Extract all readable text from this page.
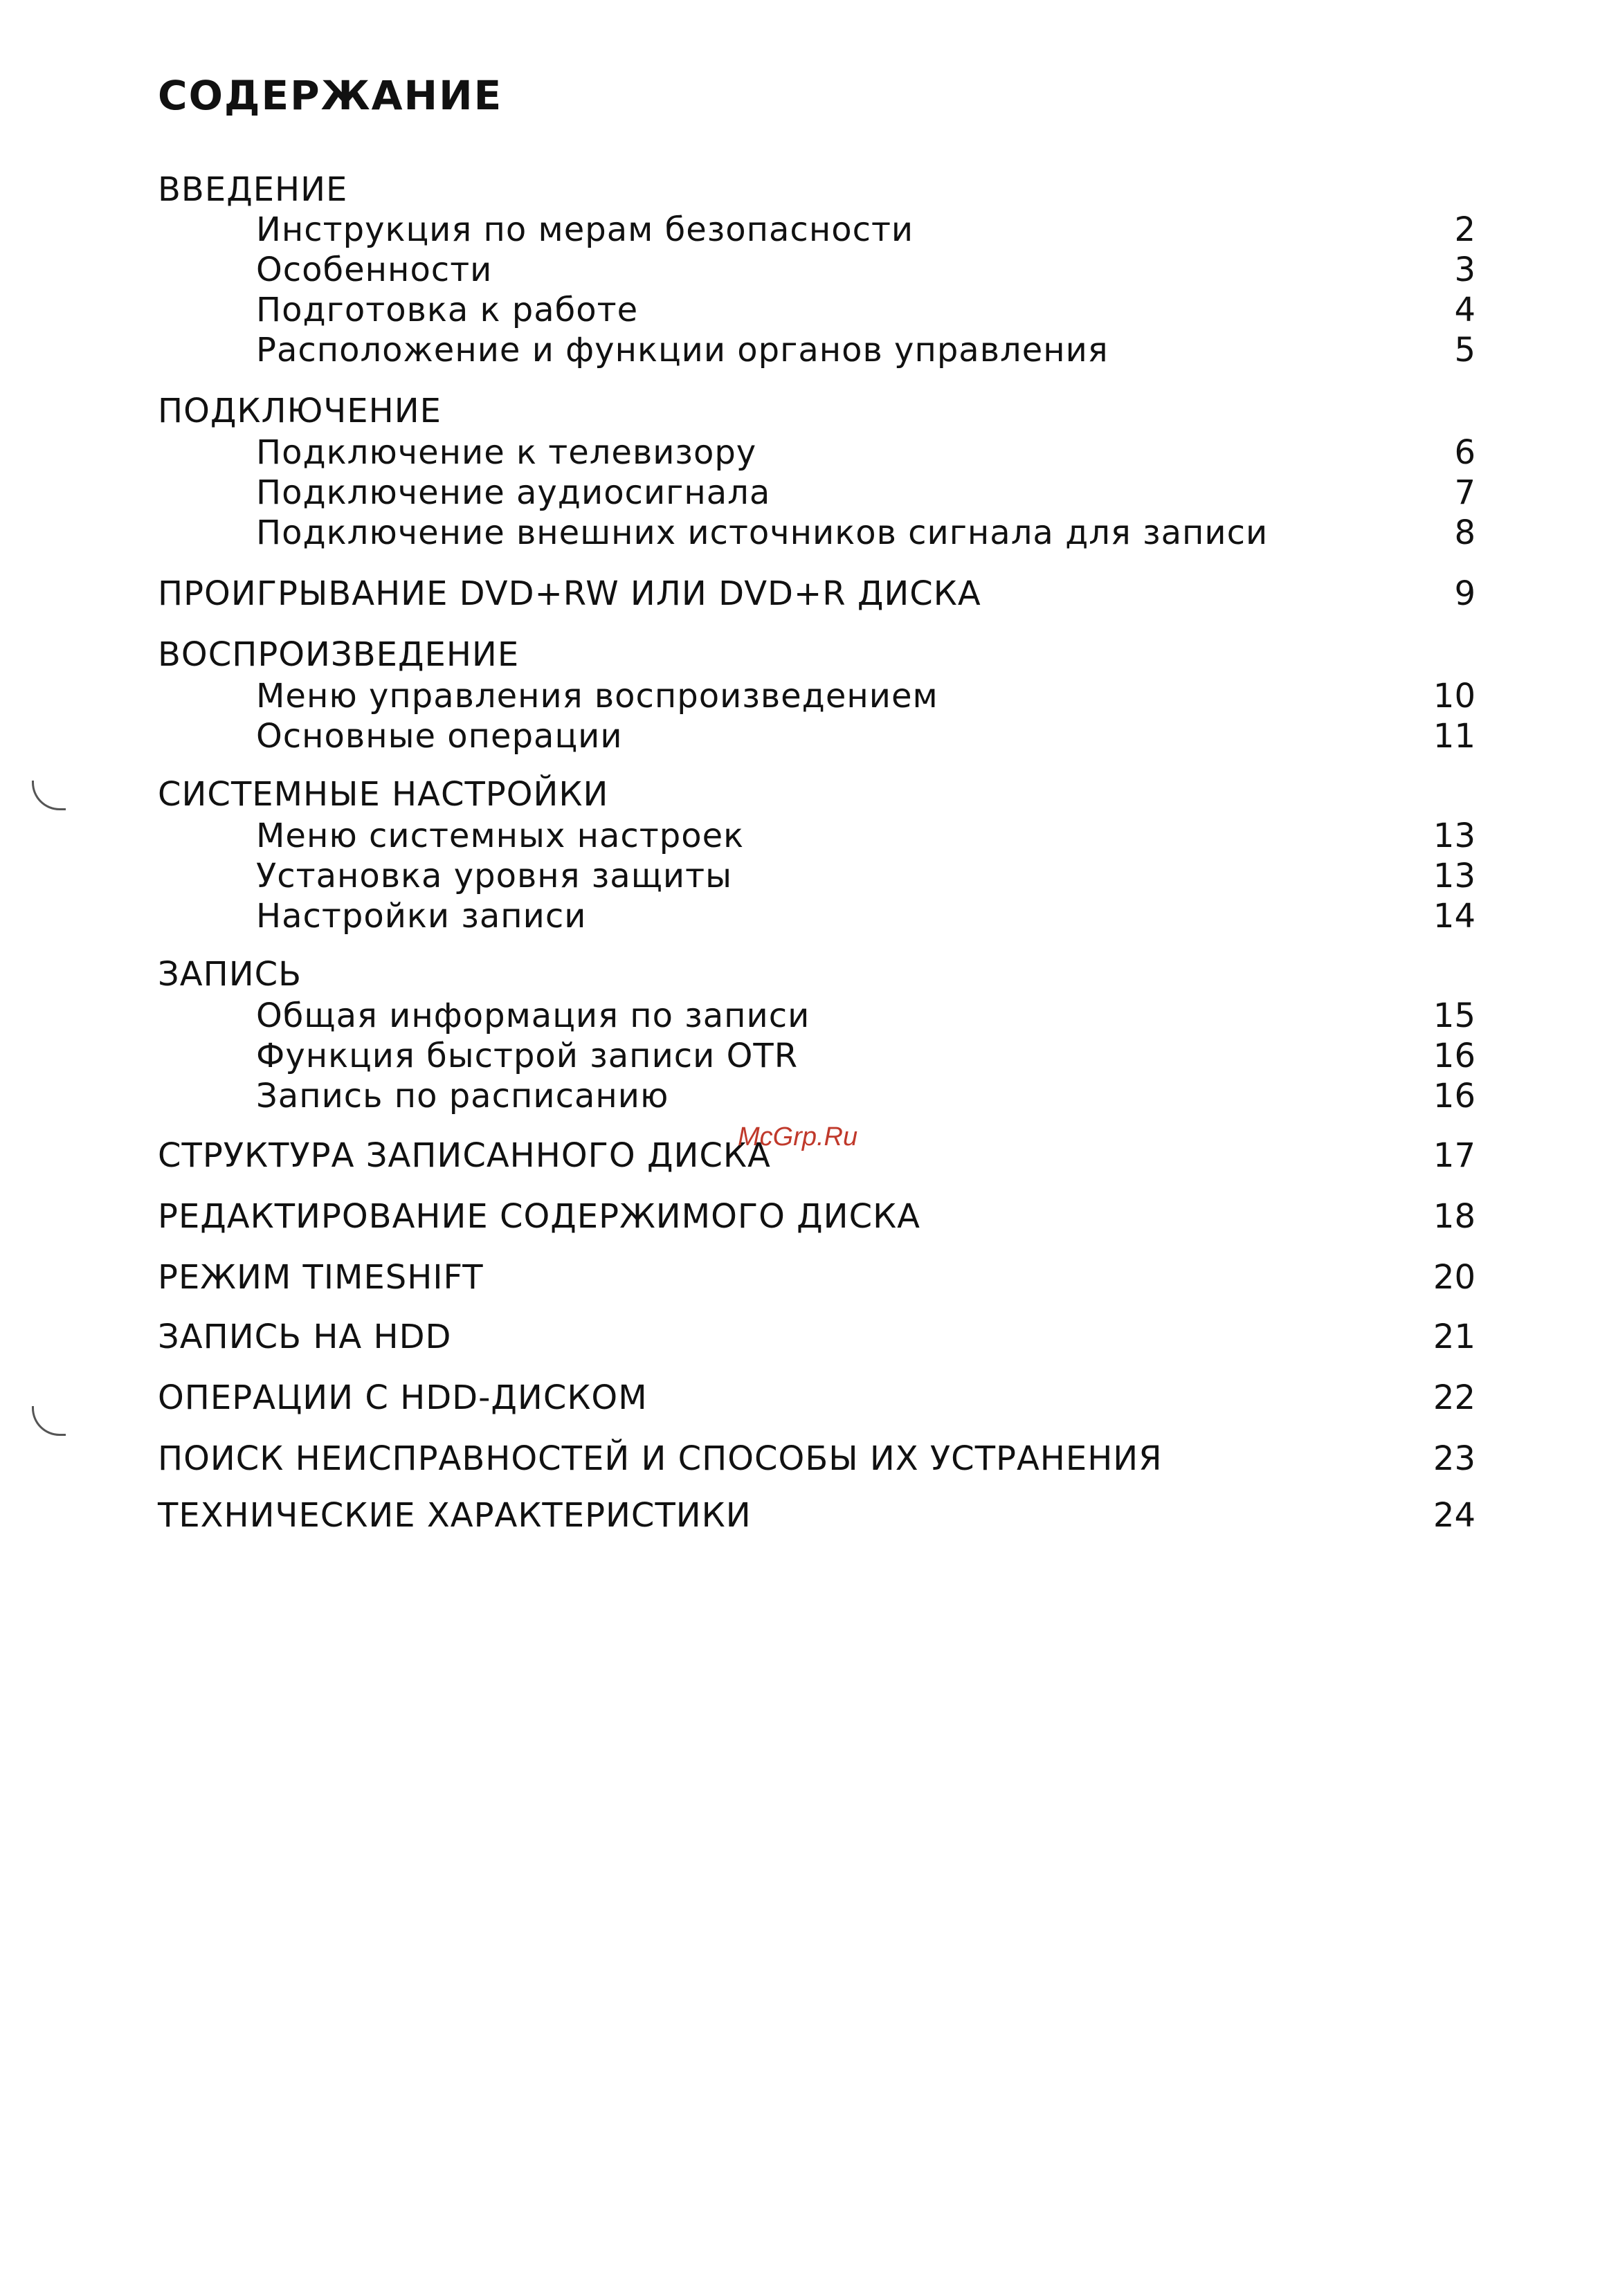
СОДЕРЖАНИЕ
ВВЕДЕНИЕ
Инструкция по мерам безопасности	2
Особенности	3
Подготовка к работе	4
Расположение и функции органов управления	5
ПОДКЛЮЧЕНИЕ
Подключение к телевизору	6
Подключение аудиосигнала	7
Подключение внешних источников сигнала для записи	8
ПРОИГРЫВАНИЕ DVD+RW ИЛИ DVD+R ДИСКА	9
ВОСПРОИЗВЕДЕНИЕ
Меню управления воспроизведением	10
Основные операции	11
СИСТЕМНЫЕ НАСТРОЙКИ
Меню системных настроек	13
Установка уровня защиты	13
Настройки записи	14
ЗАПИСЬ
Общая информация по записи	15
Функция быстрой записи OTR	16
Запись по расписанию	16
СТРУКТУРА ЗАПИСАННОГО ДИСКА	17
РЕДАКТИРОВАНИЕ СОДЕРЖИМОГО ДИСКА	18
РЕЖИМ TIMESHIFT	20
ЗАПИСЬ НА HDD	21
ОПЕРАЦИИ С HDD-ДИСКОМ	22
ПОИСК НЕИСПРАВНОСТЕЙ И СПОСОБЫ ИХ УСТРАНЕНИЯ	23
ТЕХНИЧЕСКИЕ ХАРАКТЕРИСТИКИ	24
McGrp.Ru
